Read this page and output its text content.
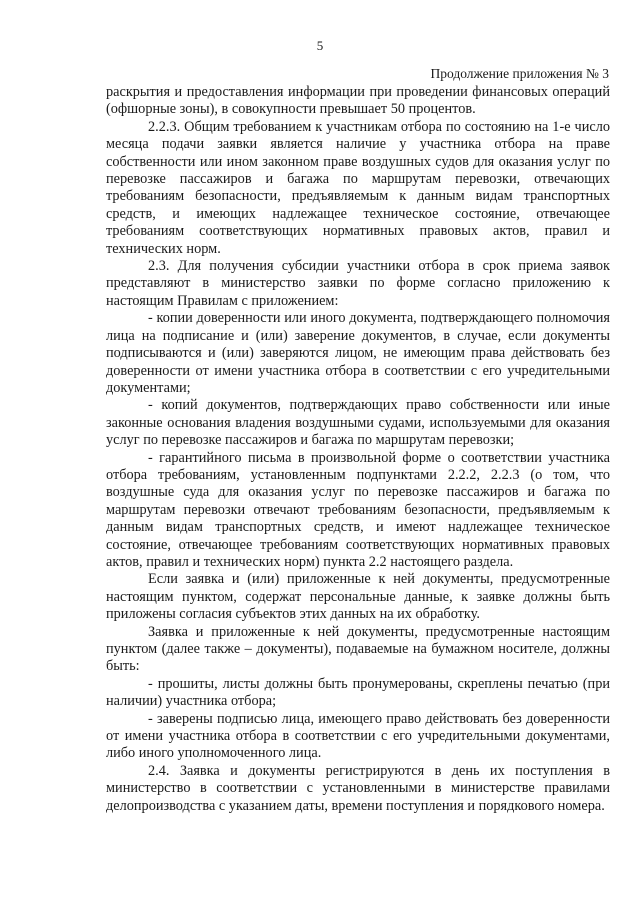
5
Продолжение приложения № 3

раскрытия и предоставления информации при проведении финансовых операций (офшорные зоны), в совокупности превышает 50 процентов.

2.2.3. Общим требованием к участникам отбора по состоянию на 1-е число месяца подачи заявки является наличие у участника отбора на праве собственности или ином законном праве воздушных судов для оказания услуг по перевозке пассажиров и багажа по маршрутам перевозки, отвечающих требованиям безопасности, предъявляемым к данным видам транспортных средств, и имеющих надлежащее техническое состояние, отвечающее требованиям соответствующих нормативных правовых актов, правил и технических норм.

2.3. Для получения субсидии участники отбора в срок приема заявок представляют в министерство заявки по форме согласно приложению к настоящим Правилам с приложением:

- копии доверенности или иного документа, подтверждающего полномочия лица на подписание и (или) заверение документов, в случае, если документы подписываются и (или) заверяются лицом, не имеющим права действовать без доверенности от имени участника отбора в соответствии с его учредительными документами;

- копий документов, подтверждающих право собственности или иные законные основания владения воздушными судами, используемыми для оказания услуг по перевозке пассажиров и багажа по маршрутам перевозки;

- гарантийного письма в произвольной форме о соответствии участника отбора требованиям, установленным подпунктами 2.2.2, 2.2.3 (о том, что воздушные суда для оказания услуг по перевозке пассажиров и багажа по маршрутам перевозки отвечают требованиям безопасности, предъявляемым к данным видам транспортных средств, и имеют надлежащее техническое состояние, отвечающее требованиям соответствующих нормативных правовых актов, правил и технических норм) пункта 2.2 настоящего раздела.

Если заявка и (или) приложенные к ней документы, предусмотренные настоящим пунктом, содержат персональные данные, к заявке должны быть приложены согласия субъектов этих данных на их обработку.

Заявка и приложенные к ней документы, предусмотренные настоящим пунктом (далее также – документы), подаваемые на бумажном носителе, должны быть:

- прошиты, листы должны быть пронумерованы, скреплены печатью (при наличии) участника отбора;

- заверены подписью лица, имеющего право действовать без доверенности от имени участника отбора в соответствии с его учредительными документами, либо иного уполномоченного лица.

2.4. Заявка и документы регистрируются в день их поступления в министерство в соответствии с установленными в министерстве правилами делопроизводства с указанием даты, времени поступления и порядкового номера.
